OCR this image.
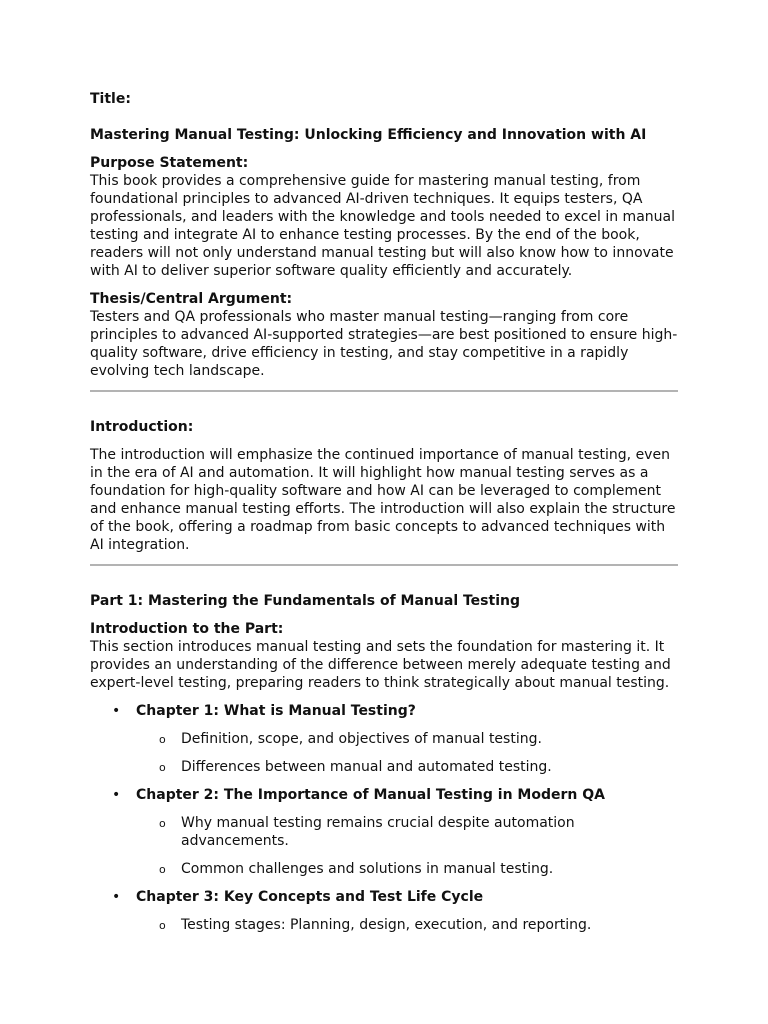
Title:

Mastering Manual Testing: Unlocking Efficiency and Innovation with AI

Purpose Statement:

This book provides a comprehensive guide for mastering manual testing, from foundational principles to advanced AI-driven techniques. It equips testers, QA professionals, and leaders with the knowledge and tools needed to excel in manual testing and integrate AI to enhance testing processes. By the end of the book, readers will not only understand manual testing but will also know how to innovate with AI to deliver superior software quality efficiently and accurately.

Thesis/Central Argument:

Testers and QA professionals who master manual testing—ranging from core principles to advanced AI-supported strategies—are best positioned to ensure high-quality software, drive efficiency in testing, and stay competitive in a rapidly evolving tech landscape.

Introduction:

The introduction will emphasize the continued importance of manual testing, even in the era of AI and automation. It will highlight how manual testing serves as a foundation for high-quality software and how AI can be leveraged to complement and enhance manual testing efforts. The introduction will also explain the structure of the book, offering a roadmap from basic concepts to advanced techniques with AI integration.

Part 1: Mastering the Fundamentals of Manual Testing

Introduction to the Part:

This section introduces manual testing and sets the foundation for mastering it. It provides an understanding of the difference between merely adequate testing and expert-level testing, preparing readers to think strategically about manual testing.

• Chapter 1: What is Manual Testing?
o Definition, scope, and objectives of manual testing.
o Differences between manual and automated testing.
• Chapter 2: The Importance of Manual Testing in Modern QA
o Why manual testing remains crucial despite automation advancements.
o Common challenges and solutions in manual testing.
• Chapter 3: Key Concepts and Test Life Cycle
o Testing stages: Planning, design, execution, and reporting.
